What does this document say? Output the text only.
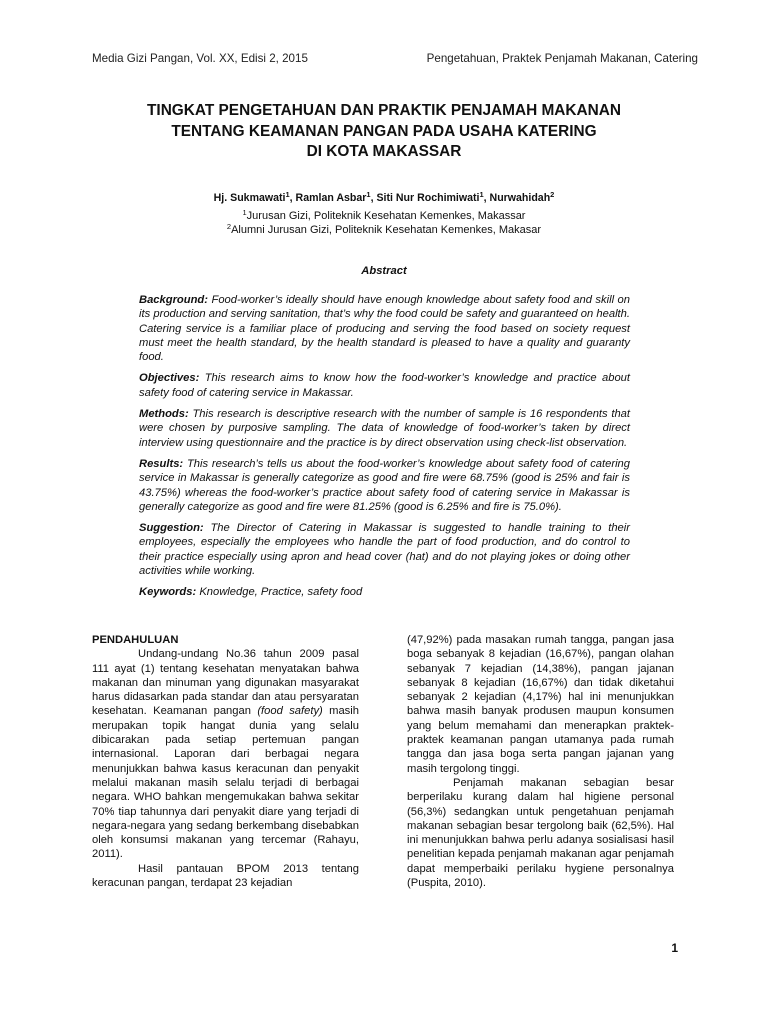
Media Gizi Pangan, Vol. XX, Edisi 2, 2015	Pengetahuan, Praktek Penjamah Makanan, Catering
TINGKAT PENGETAHUAN DAN PRAKTIK PENJAMAH MAKANAN
TENTANG KEAMANAN PANGAN PADA USAHA KATERING
DI KOTA MAKASSAR
Hj. Sukmawati$^1$, Ramlan Asbar$^1$, Siti Nur Rochimiwati$^1$, Nurwahidah$^2$
$^1$Jurusan Gizi, Politeknik Kesehatan Kemenkes, Makassar
$^2$Alumni Jurusan Gizi, Politeknik Kesehatan Kemenkes, Makasar
Abstract

Background: Food-worker’s ideally should have enough knowledge about safety food and skill on its production and serving sanitation, that’s why the food could be safety and guaranteed on health. Catering service is a familiar place of producing and serving the food based on society request must meet the health standard, by the health standard is pleased to have a quality and guaranty food.

Objectives: This research aims to know how the food-worker’s knowledge and practice about safety food of catering service in Makassar.

Methods: This research is descriptive research with the number of sample is 16 respondents that were chosen by purposive sampling. The data of knowledge of food-worker’s taken by direct interview using questionnaire and the practice is by direct observation using check-list observation.

Results: This research’s tells us about the food-worker’s knowledge about safety food of catering service in Makassar is generally categorize as good and fire were 68.75% (good is 25% and fair is 43.75%) whereas the food-worker’s practice about safety food of catering service in Makassar is generally categorize as good and fire were 81.25% (good is 6.25% and fire is 75.0%).

Suggestion: The Director of Catering in Makassar is suggested to handle training to their employees, especially the employees who handle the part of food production, and do control to their practice especially using apron and head cover (hat) and do not playing jokes or doing other activities while working.

Keywords: Knowledge, Practice, safety food

PENDAHULUAN

Undang-undang No.36 tahun 2009 pasal 111 ayat (1) tentang kesehatan menyatakan bahwa makanan dan minuman yang digunakan masyarakat harus didasarkan pada standar dan atau persyaratan kesehatan. Keamanan pangan (food safety) masih merupakan topik hangat dunia yang selalu dibicarakan pada setiap pertemuan pangan internasional. Laporan dari berbagai negara menunjukkan bahwa kasus keracunan dan penyakit melalui makanan masih selalu terjadi di berbagai negara. WHO bahkan mengemukakan bahwa sekitar 70% tiap tahunnya dari penyakit diare yang terjadi di negara-negara yang sedang berkembang disebabkan oleh konsumsi makanan yang tercemar (Rahayu, 2011).

Hasil pantauan BPOM 2013 tentang keracunan pangan, terdapat 23 kejadian

(47,92%) pada masakan rumah tangga, pangan jasa boga sebanyak 8 kejadian (16,67%), pangan olahan sebanyak 7 kejadian (14,38%), pangan jajanan sebanyak 8 kejadian (16,67%) dan tidak diketahui sebanyak 2 kejadian (4,17%) hal ini menunjukkan bahwa masih banyak produsen maupun konsumen yang belum memahami dan menerapkan praktek-praktek keamanan pangan utamanya pada rumah tangga dan jasa boga serta pangan jajanan yang masih tergolong tinggi.

Penjamah makanan sebagian besar berperilaku kurang dalam hal higiene personal (56,3%) sedangkan untuk pengetahuan penjamah makanan sebagian besar tergolong baik (62,5%). Hal ini menunjukkan bahwa perlu adanya sosialisasi hasil penelitian kepada penjamah makanan agar penjamah dapat memperbaiki perilaku hygiene personalnya (Puspita, 2010).

1
